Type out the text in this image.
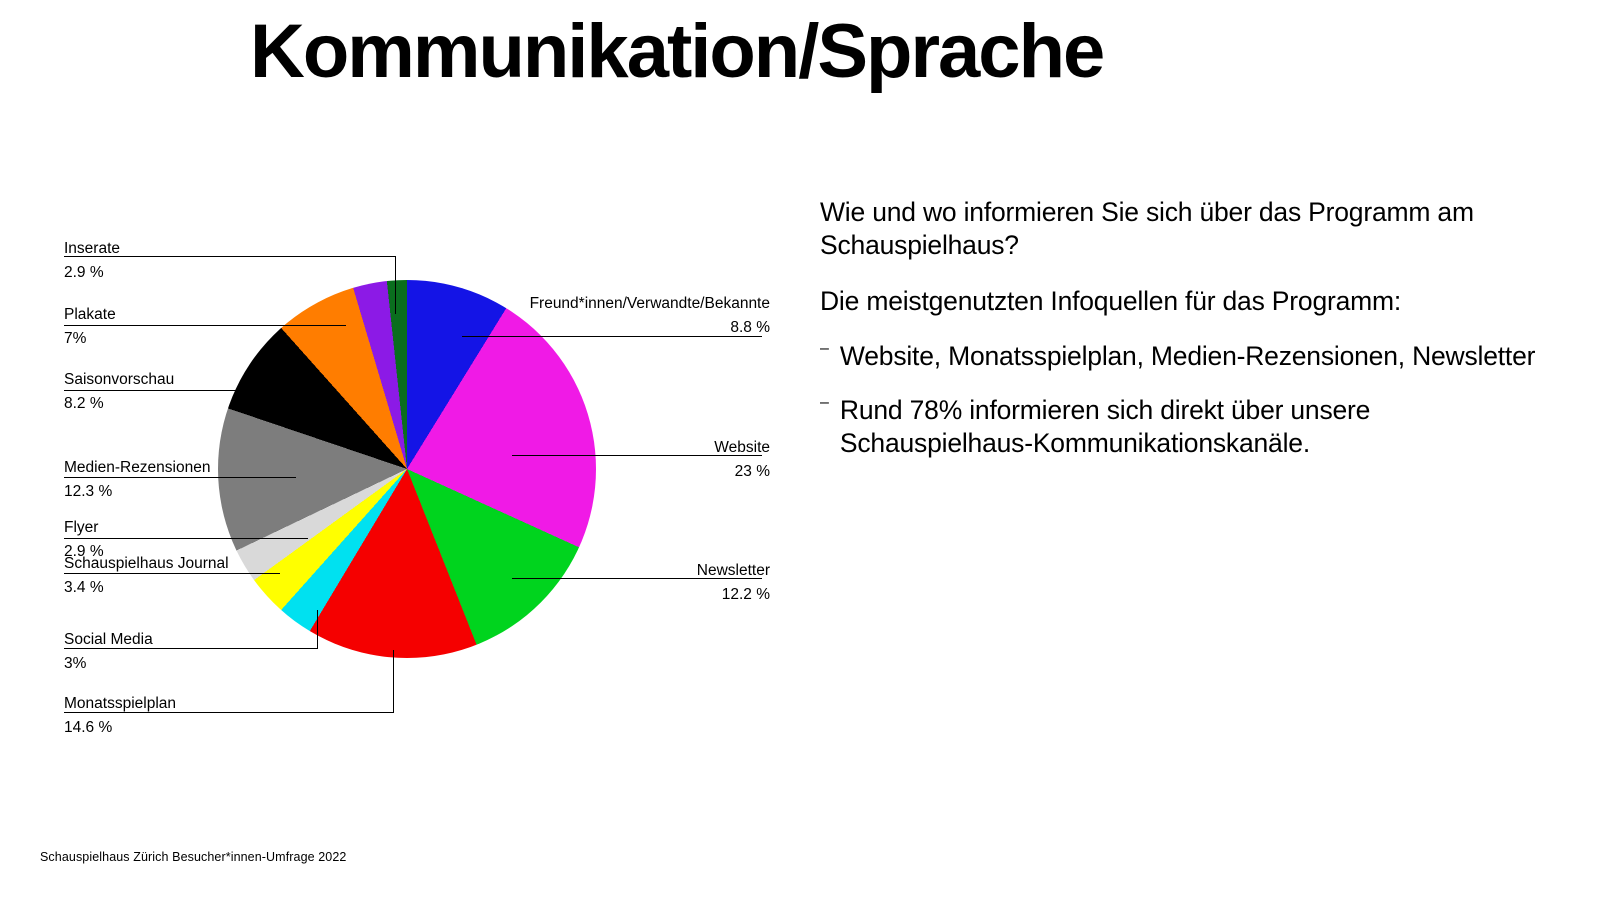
Kommunikation/Sprache
Inserate
2.9 %
Plakate
7%
Saisonvorschau
8.2 %
Medien-Rezensionen
12.3 %
Flyer
2.9 %
Schauspielhaus Journal
3.4 %
Social Media
3%
Monatsspielplan
14.6 %
Freund*innen/Verwandte/Bekannte
8.8 %
Website
23 %
Newsletter
12.2 %

Wie und wo informieren Sie sich über das Programm am Schauspielhaus?

Die meistgenutzten Infoquellen für das Programm:

– Website, Monatsspielplan, Medien-Rezensionen, Newsletter
– Rund 78% informieren sich direkt über unsere Schauspielhaus-Kommunikationskanäle.
Schauspielhaus Zürich Besucher*innen-Umfrage 2022
